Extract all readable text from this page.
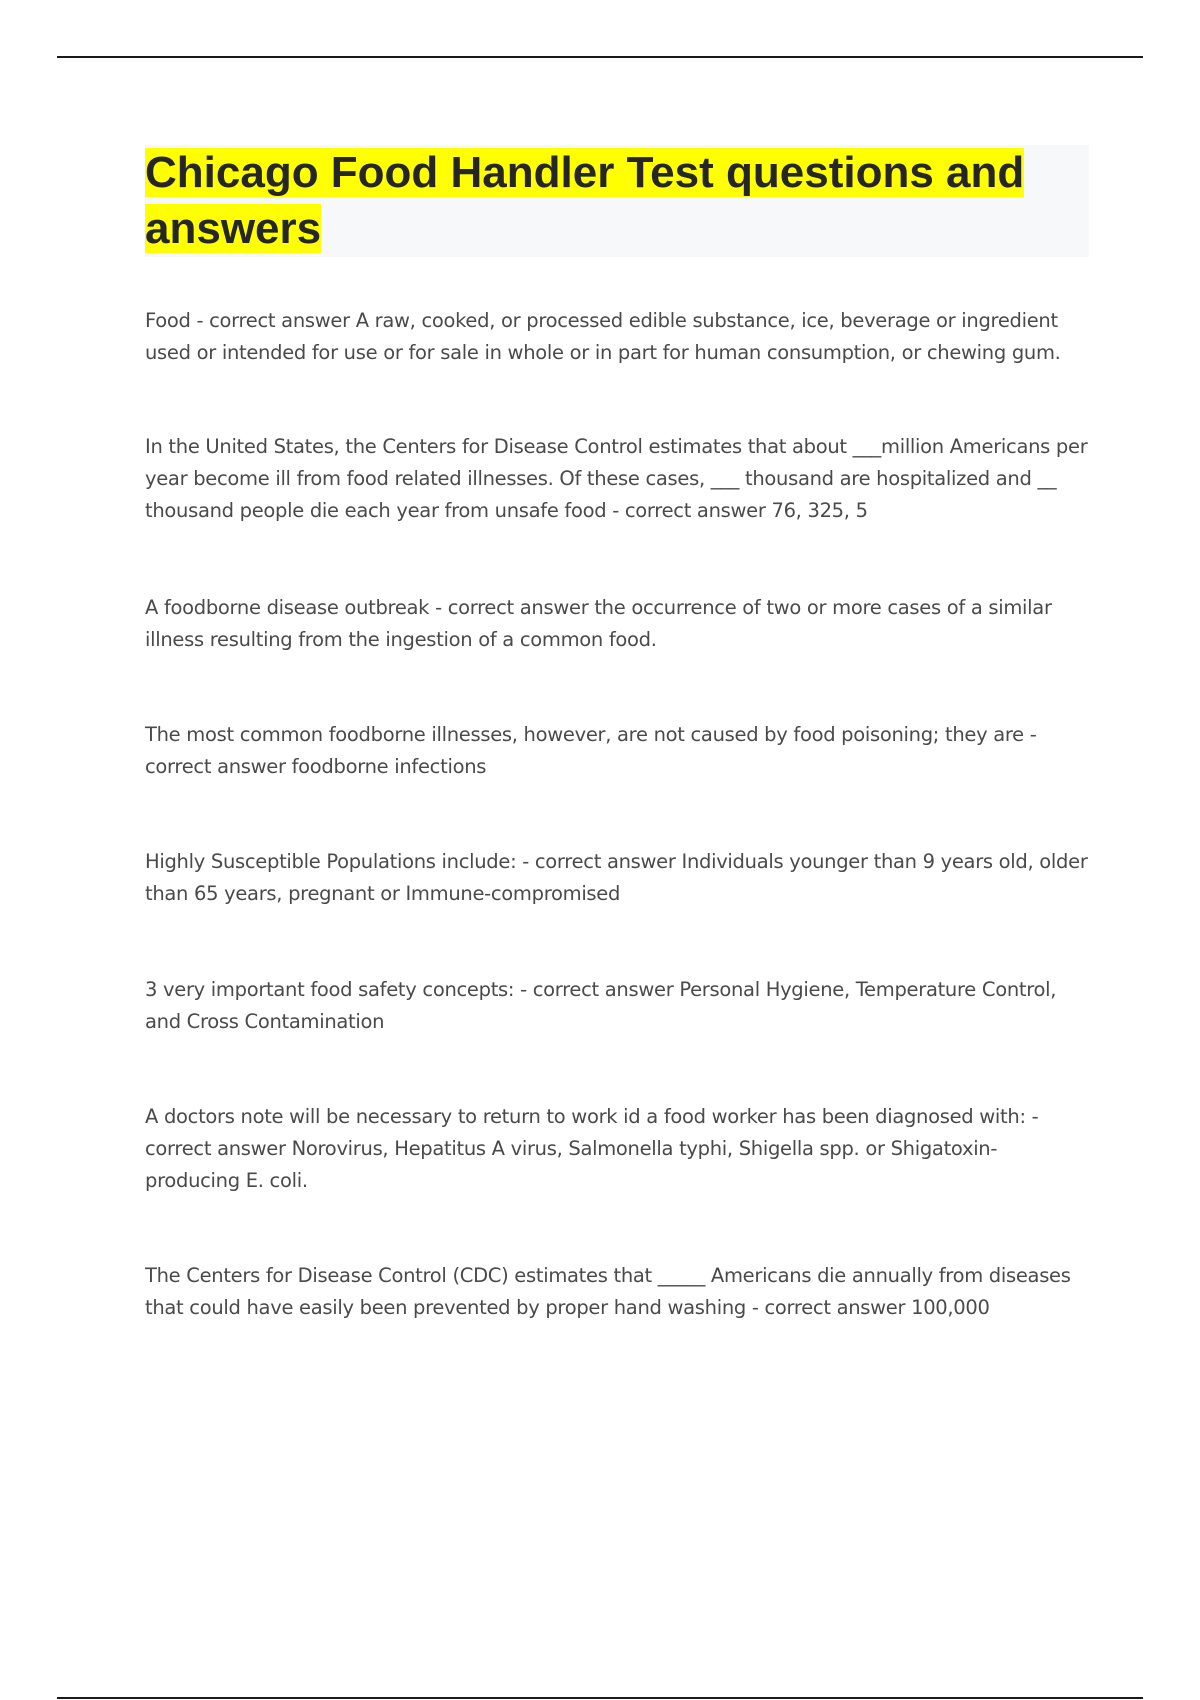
Chicago Food Handler Test questions and answers

Food - correct answer A raw, cooked, or processed edible substance, ice, beverage or ingredient used or intended for use or for sale in whole or in part for human consumption, or chewing gum.

In the United States, the Centers for Disease Control estimates that about ___million Americans per year become ill from food related illnesses. Of these cases, ___ thousand are hospitalized and __ thousand people die each year from unsafe food - correct answer 76, 325, 5

A foodborne disease outbreak - correct answer the occurrence of two or more cases of a similar illness resulting from the ingestion of a common food.

The most common foodborne illnesses, however, are not caused by food poisoning; they are - correct answer foodborne infections

Highly Susceptible Populations include: - correct answer Individuals younger than 9 years old, older than 65 years, pregnant or Immune-compromised

3 very important food safety concepts: - correct answer Personal Hygiene, Temperature Control, and Cross Contamination

A doctors note will be necessary to return to work id a food worker has been diagnosed with: - correct answer Norovirus, Hepatitus A virus, Salmonella typhi, Shigella spp. or Shigatoxin-producing E. coli.

The Centers for Disease Control (CDC) estimates that _____ Americans die annually from diseases that could have easily been prevented by proper hand washing - correct answer 100,000
